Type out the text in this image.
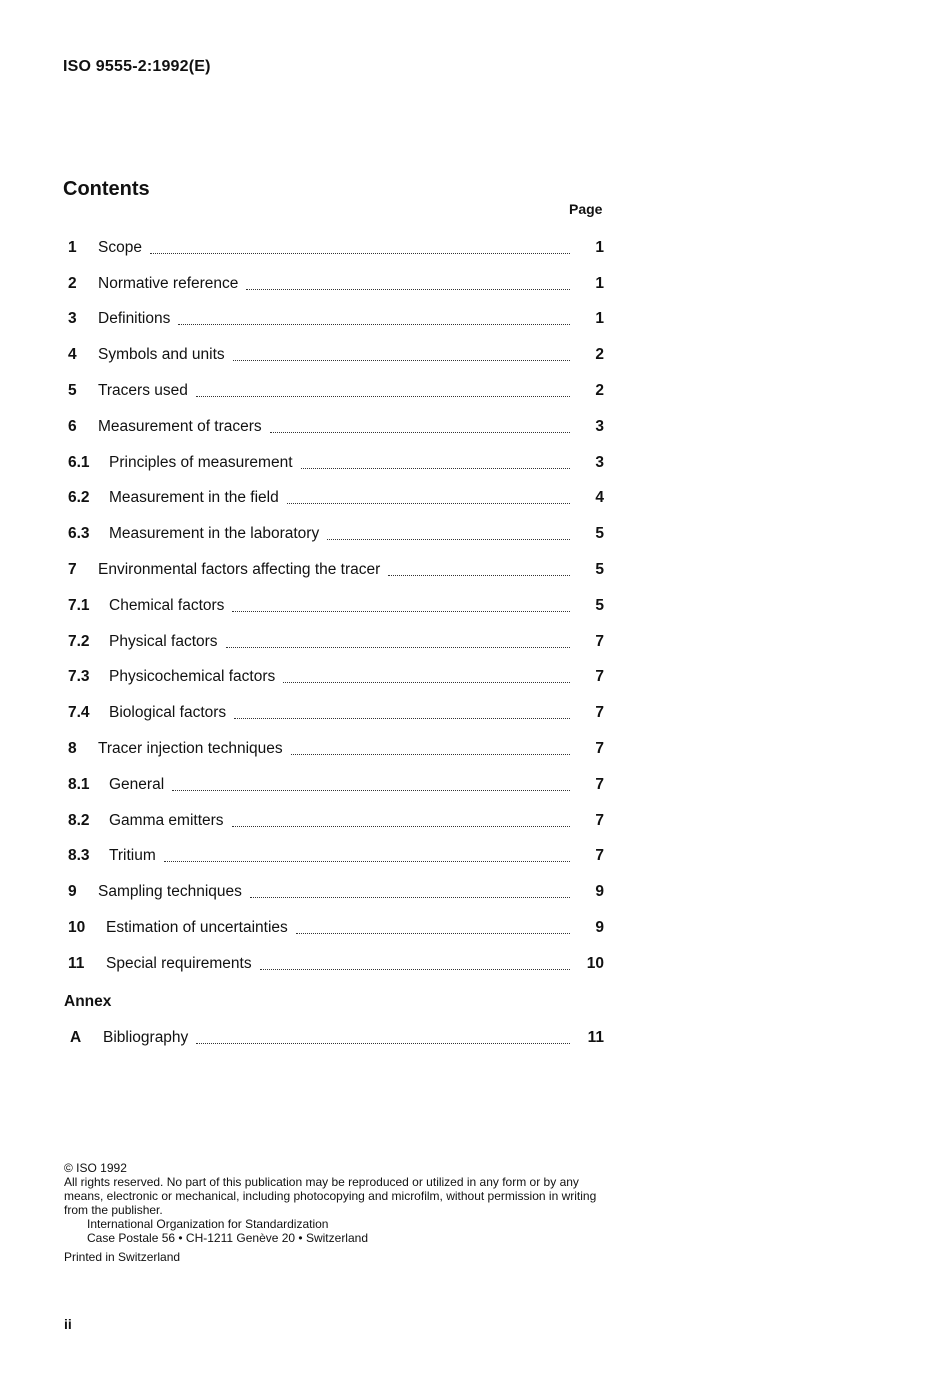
ISO 9555-2:1992(E)
Contents
Page
1	Scope	1
2	Normative reference	1
3	Definitions	1
4	Symbols and units	2
5	Tracers used	2
6	Measurement of tracers	3
6.1	Principles of measurement	3
6.2	Measurement in the field	4
6.3	Measurement in the laboratory	5
7	Environmental factors affecting the tracer	5
7.1	Chemical factors	5
7.2	Physical factors	7
7.3	Physicochemical factors	7
7.4	Biological factors	7
8	Tracer injection techniques	7
8.1	General	7
8.2	Gamma emitters	7
8.3	Tritium	7
9	Sampling techniques	9
10	Estimation of uncertainties	9
11	Special requirements	10
Annex
A	Bibliography	11
© ISO 1992
All rights reserved. No part of this publication may be reproduced or utilized in any form or by any means, electronic or mechanical, including photocopying and microfilm, without permission in writing from the publisher.
International Organization for Standardization
Case Postale 56 • CH-1211 Genève 20 • Switzerland
Printed in Switzerland
ii
